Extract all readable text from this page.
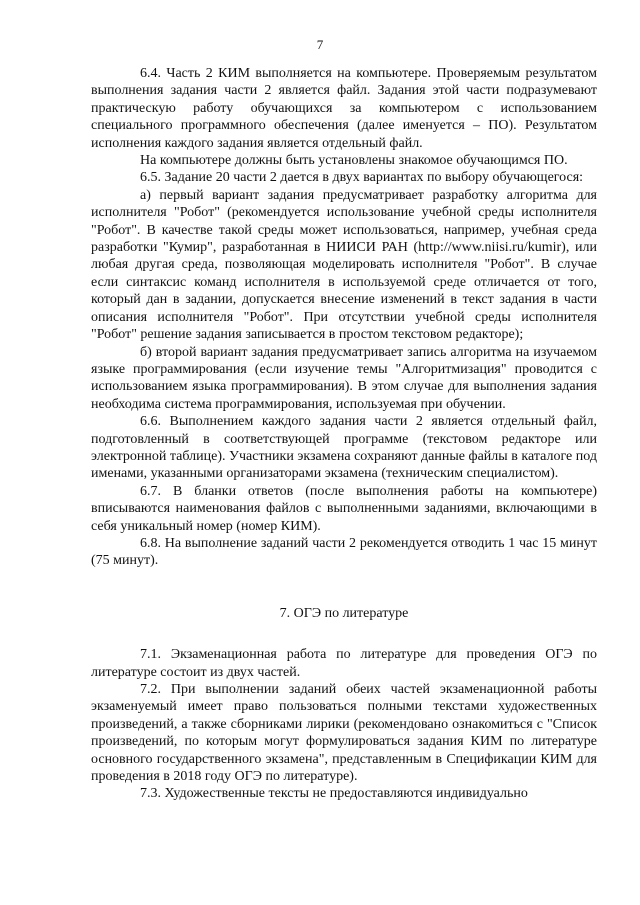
7

6.4. Часть 2 КИМ выполняется на компьютере. Проверяемым результатом выполнения задания части 2 является файл. Задания этой части подразумевают практическую работу обучающихся за компьютером с использованием специального программного обеспечения (далее именуется – ПО). Результатом исполнения каждого задания является отдельный файл.

На компьютере должны быть установлены знакомое обучающимся ПО.

6.5. Задание 20 части 2 дается в двух вариантах по выбору обучающегося:

а) первый вариант задания предусматривает разработку алгоритма для исполнителя "Робот" (рекомендуется использование учебной среды исполнителя "Робот". В качестве такой среды может использоваться, например, учебная среда разработки "Кумир", разработанная в НИИСИ РАН (http://www.niisi.ru/kumir), или любая другая среда, позволяющая моделировать исполнителя "Робот". В случае если синтаксис команд исполнителя в используемой среде отличается от того, который дан в задании, допускается внесение изменений в текст задания в части описания исполнителя "Робот". При отсутствии учебной среды исполнителя "Робот" решение задания записывается в простом текстовом редакторе);

б) второй вариант задания предусматривает запись алгоритма на изучаемом языке программирования (если изучение темы "Алгоритмизация" проводится с использованием языка программирования). В этом случае для выполнения задания необходима система программирования, используемая при обучении.

6.6. Выполнением каждого задания части 2 является отдельный файл, подготовленный в соответствующей программе (текстовом редакторе или электронной таблице). Участники экзамена сохраняют данные файлы в каталоге под именами, указанными организаторами экзамена (техническим специалистом).

6.7. В бланки ответов (после выполнения работы на компьютере) вписываются наименования файлов с выполненными заданиями, включающими в себя уникальный номер (номер КИМ).

6.8. На выполнение заданий части 2 рекомендуется отводить 1 час 15 минут (75 минут).

7. ОГЭ по литературе

7.1. Экзаменационная работа по литературе для проведения ОГЭ по литературе состоит из двух частей.

7.2. При выполнении заданий обеих частей экзаменационной работы экзаменуемый имеет право пользоваться полными текстами художественных произведений, а также сборниками лирики (рекомендовано ознакомиться с "Список произведений, по которым могут формулироваться задания КИМ по литературе основного государственного экзамена", представленным в Спецификации КИМ для проведения в 2018 году ОГЭ по литературе).

7.3. Художественные тексты не предоставляются индивидуально
